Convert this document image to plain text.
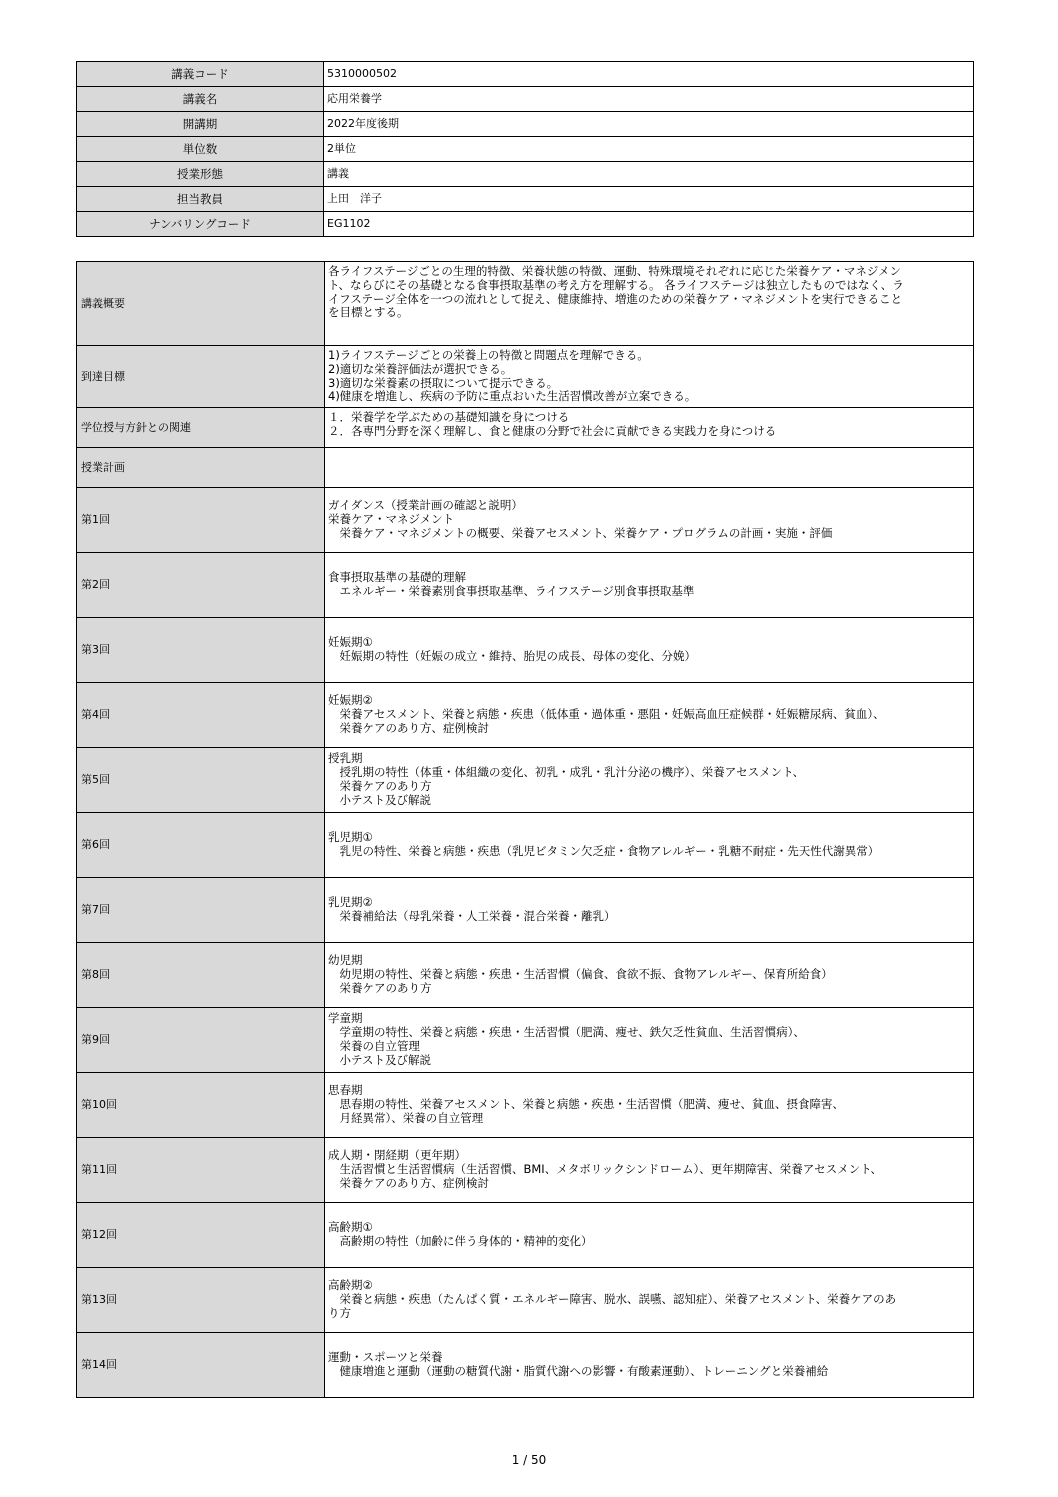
講義コード	5310000502
講義名	応用栄養学
開講期	2022年度後期
単位数	2単位
授業形態	講義
担当教員	上田　洋子
ナンバリングコード	EG1102
講義概要	各ライフステージごとの生理的特徴、栄養状態の特徴、運動、特殊環境それぞれに応じた栄養ケア・マネジメン
ト、ならびにその基礎となる食事摂取基準の考え方を理解する。 各ライフステージは独立したものではなく、ラ
イフステージ全体を一つの流れとして捉え、健康維持、増進のための栄養ケア・マネジメントを実行できること
を目標とする。
到達目標	1)ライフステージごとの栄養上の特徴と問題点を理解できる。
2)適切な栄養評価法が選択できる。
3)適切な栄養素の摂取について提示できる。
4)健康を増進し、疾病の予防に重点おいた生活習慣改善が立案できる。
学位授与方針との関連	１．栄養学を学ぶための基礎知識を身につける
２．各専門分野を深く理解し、食と健康の分野で社会に貢献できる実践力を身につける
授業計画	
第1回	ガイダンス（授業計画の確認と説明）
栄養ケア・マネジメント
　栄養ケア・マネジメントの概要、栄養アセスメント、栄養ケア・プログラムの計画・実施・評価
第2回	食事摂取基準の基礎的理解
　エネルギー・栄養素別食事摂取基準、ライフステージ別食事摂取基準
第3回	妊娠期①
　妊娠期の特性（妊娠の成立・維持、胎児の成長、母体の変化、分娩）
第4回	妊娠期②
　栄養アセスメント、栄養と病態・疾患（低体重・過体重・悪阻・妊娠高血圧症候群・妊娠糖尿病、貧血）、
　栄養ケアのあり方、症例検討
第5回	授乳期
　授乳期の特性（体重・体組織の変化、初乳・成乳・乳汁分泌の機序）、栄養アセスメント、
　栄養ケアのあり方
　小テスト及び解説
第6回	乳児期①
　乳児の特性、栄養と病態・疾患（乳児ビタミン欠乏症・食物アレルギー・乳糖不耐症・先天性代謝異常）
第7回	乳児期②
　栄養補給法（母乳栄養・人工栄養・混合栄養・離乳）
第8回	幼児期
　幼児期の特性、栄養と病態・疾患・生活習慣（偏食、食欲不振、食物アレルギー、保育所給食）
　栄養ケアのあり方
第9回	学童期
　学童期の特性、栄養と病態・疾患・生活習慣（肥満、痩せ、鉄欠乏性貧血、生活習慣病）、
　栄養の自立管理
　小テスト及び解説
第10回	思春期
　思春期の特性、栄養アセスメント、栄養と病態・疾患・生活習慣（肥満、痩せ、貧血、摂食障害、
　月経異常）、栄養の自立管理
第11回	成人期・閉経期（更年期）
　生活習慣と生活習慣病（生活習慣、BMI、メタボリックシンドローム）、更年期障害、栄養アセスメント、
　栄養ケアのあり方、症例検討
第12回	高齢期①
　高齢期の特性（加齢に伴う身体的・精神的変化）
第13回	高齢期②
　栄養と病態・疾患（たんぱく質・エネルギー障害、脱水、誤嚥、認知症）、栄養アセスメント、栄養ケアのあ
り方
第14回	運動・スポーツと栄養
　健康増進と運動（運動の糖質代謝・脂質代謝への影響・有酸素運動）、トレーニングと栄養補給
1 / 50
